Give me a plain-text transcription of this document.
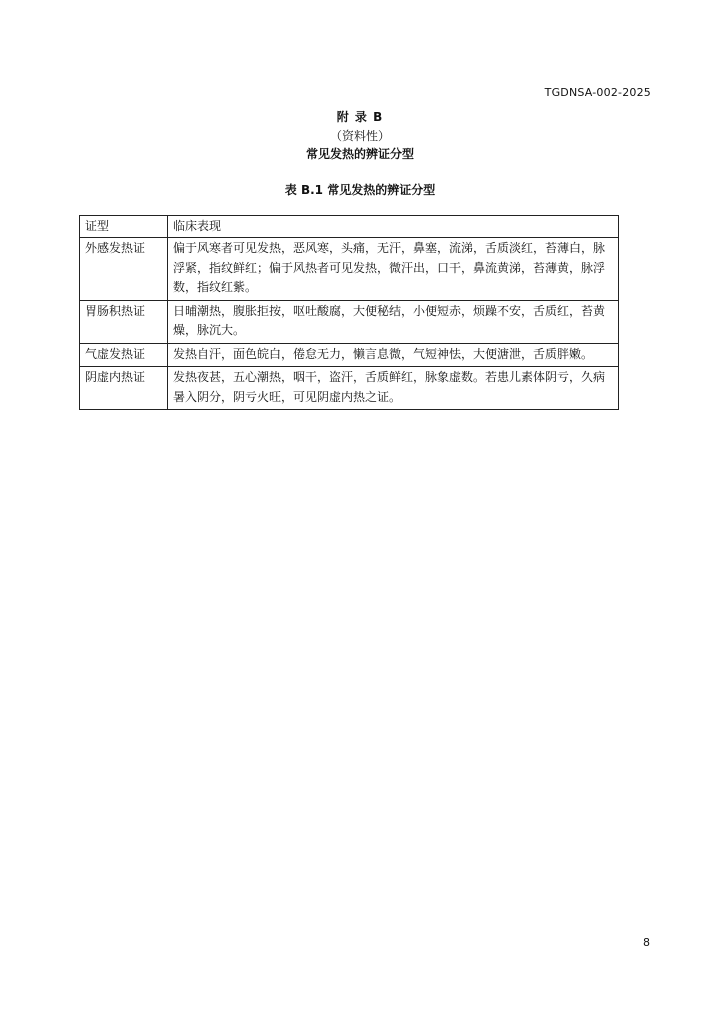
TGDNSA-002-2025
附 录 B
（资料性）
常见发热的辨证分型
表 B.1 常见发热的辨证分型
证型	临床表现
外感发热证	偏于风寒者可见发热，恶风寒，头痛，无汗，鼻塞，流涕，舌质淡红，苔薄白，脉浮紧，指纹鲜红；偏于风热者可见发热，微汗出，口干，鼻流黄涕，苔薄黄，脉浮数，指纹红紫。
胃肠积热证	日晡潮热，腹胀拒按，呕吐酸腐，大便秘结，小便短赤，烦躁不安，舌质红，苔黄燥，脉沉大。
气虚发热证	发热自汗，面色皖白，倦怠无力，懒言息微，气短神怯，大便溏泄，舌质胖嫩。
阴虚内热证	发热夜甚，五心潮热，咽干，盗汗，舌质鲜红，脉象虚数。若患儿素体阴亏，久病暑入阴分，阴亏火旺，可见阴虚内热之证。
8
